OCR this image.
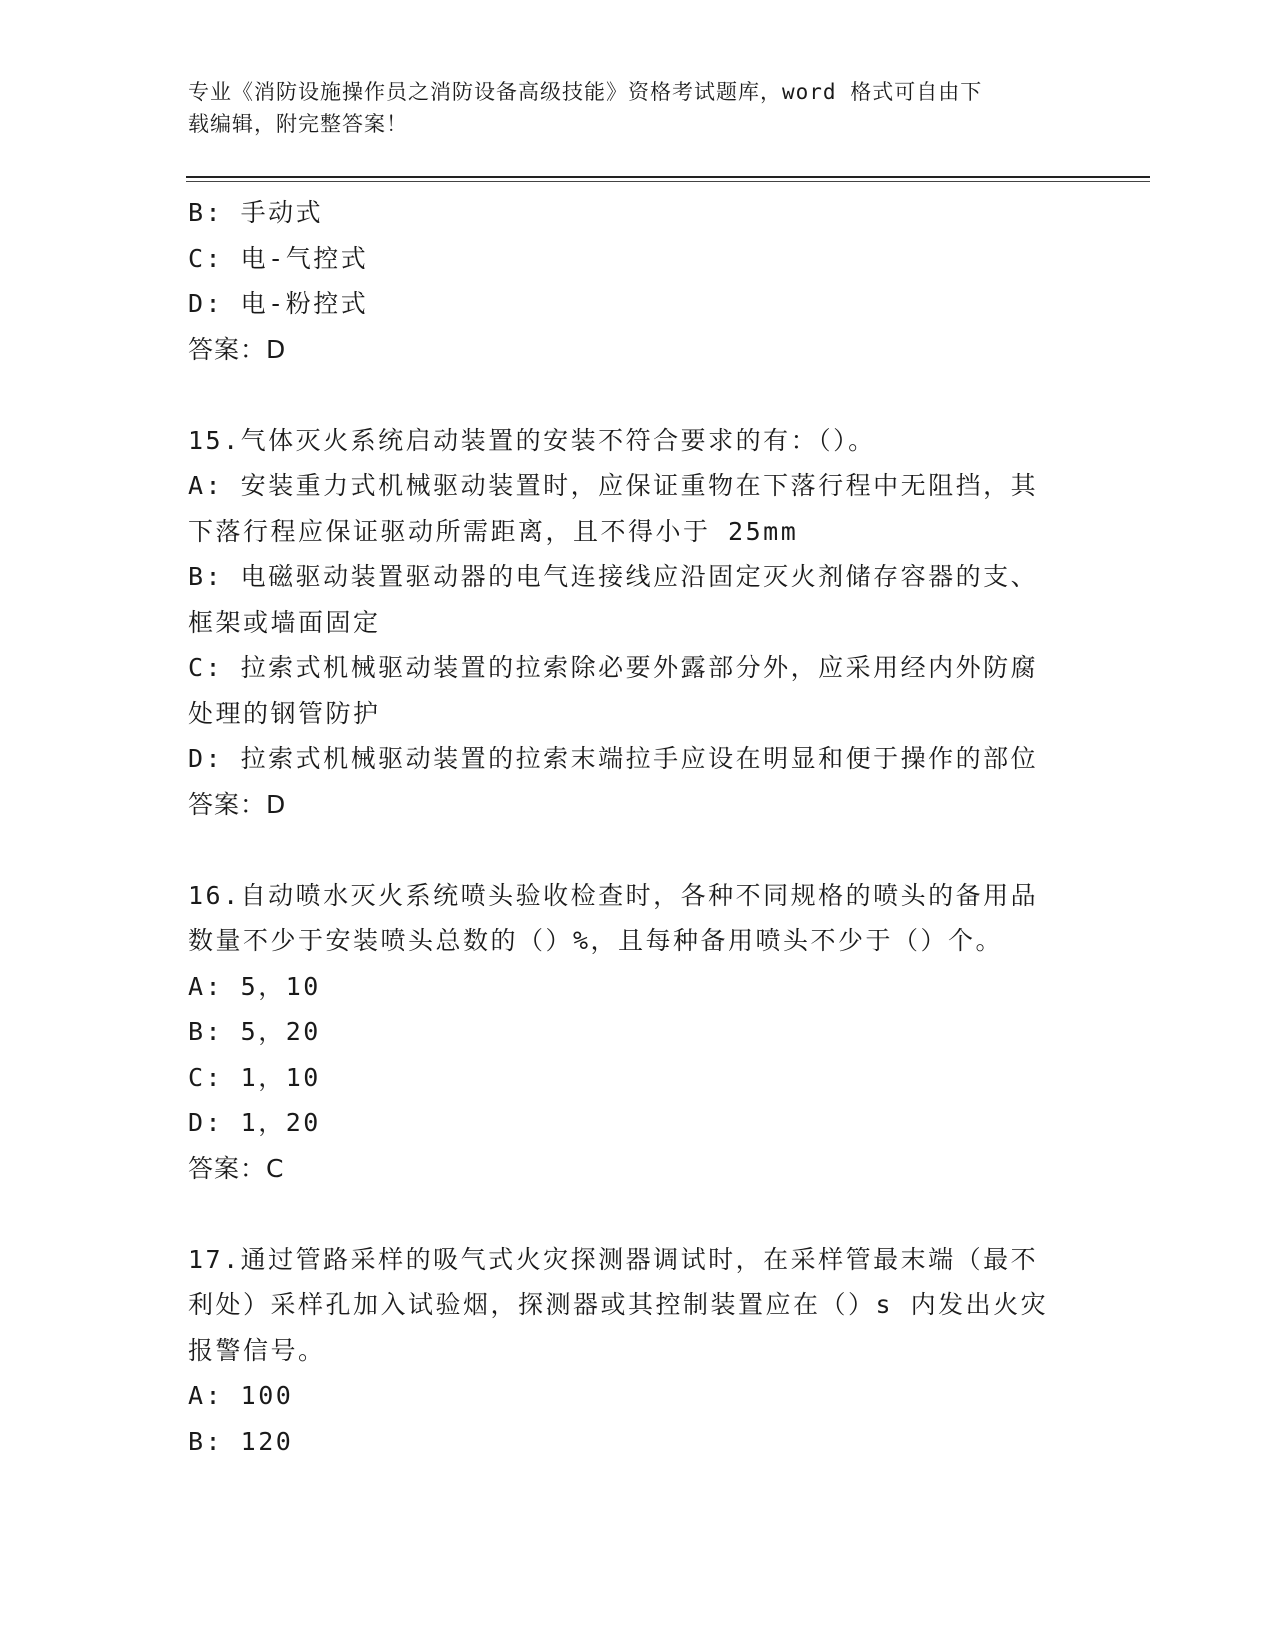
专业《消防设施操作员之消防设备高级技能》资格考试题库，word 格式可自由下
载编辑，附完整答案！
B: 手动式
C: 电-气控式
D: 电-粉控式
答案：D
15.气体灭火系统启动装置的安装不符合要求的有：（）。
A: 安装重力式机械驱动装置时，应保证重物在下落行程中无阻挡，其
下落行程应保证驱动所需距离，且不得小于 25mm
B: 电磁驱动装置驱动器的电气连接线应沿固定灭火剂储存容器的支、
框架或墙面固定
C: 拉索式机械驱动装置的拉索除必要外露部分外，应采用经内外防腐
处理的钢管防护
D: 拉索式机械驱动装置的拉索末端拉手应设在明显和便于操作的部位
答案：D
16.自动喷水灭火系统喷头验收检查时，各种不同规格的喷头的备用品
数量不少于安装喷头总数的（）%，且每种备用喷头不少于（）个。
A: 5，10
B: 5，20
C: 1，10
D: 1，20
答案：C
17.通过管路采样的吸气式火灾探测器调试时，在采样管最末端（最不
利处）采样孔加入试验烟，探测器或其控制装置应在（）s 内发出火灾
报警信号。
A: 100
B: 120
